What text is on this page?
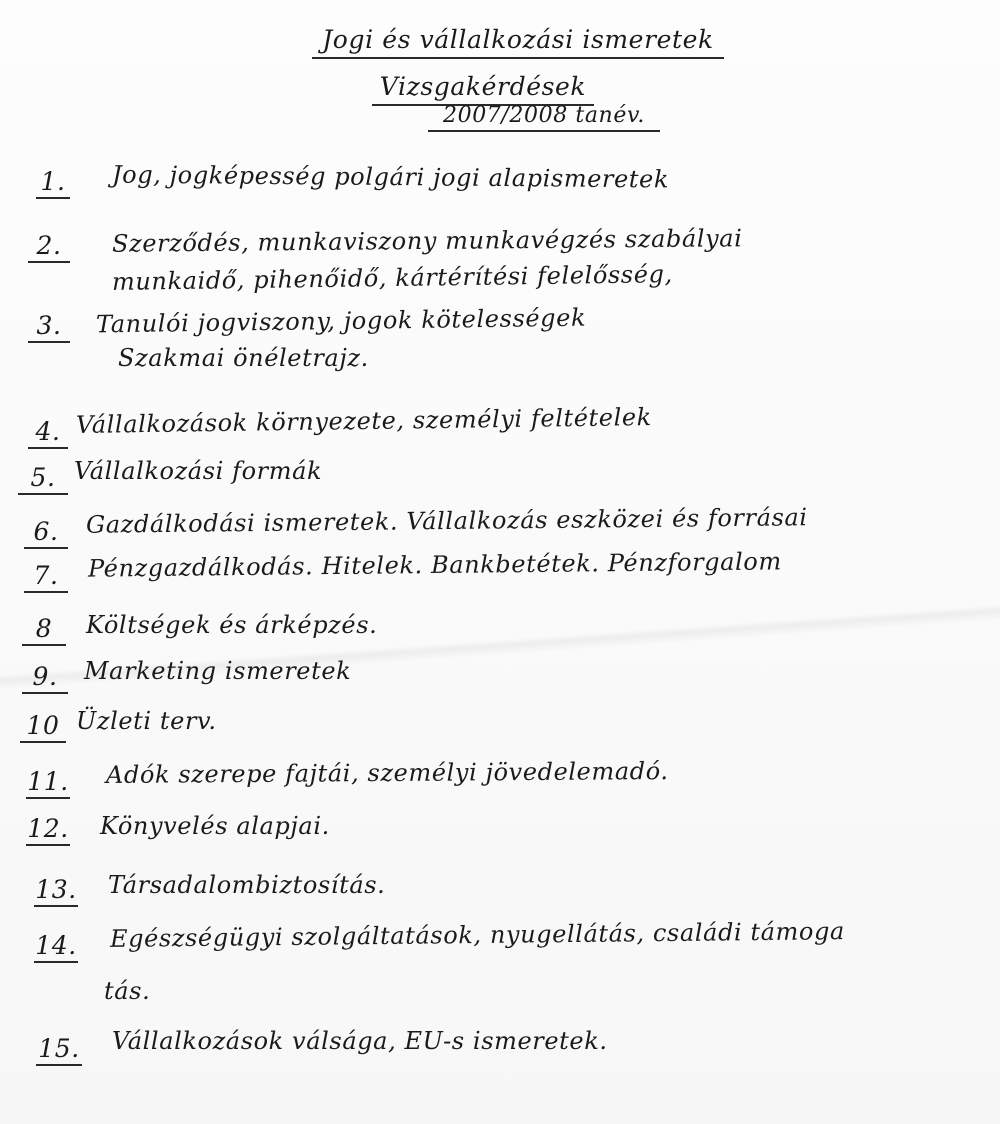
Jogi és vállalkozási ismeretek
Vizsgakérdések
2007/2008 tanév.
1. Jog, jogképesség polgári jogi alapismeretek
2.	Szerződés, munkaviszony munkavégzés szabályai
munkaidő, pihenőidő, kártérítési felelősség,
3.	Tanulói jogviszony, jogok kötelességek
Szakmai önéletrajz.
4. Vállalkozások környezete, személyi feltételek
5. Vállalkozási formák
6.	Gazdálkodási ismeretek. Vállalkozás eszközei és forrásai
7.	Pénzgazdálkodás. Hitelek. Bankbetétek. Pénzforgalom
8	Költségek és árképzés.
9.	Marketing ismeretek
10 Üzleti terv.
11. Adók szerepe fajtái, személyi jövedelemadó.
12. Könyvelés alapjai.
13. Társadalombiztosítás.
14. Egészségügyi szolgáltatások, nyugellátás, családi támoga
tás.
15. Vállalkozások válsága, EU-s ismeretek.
